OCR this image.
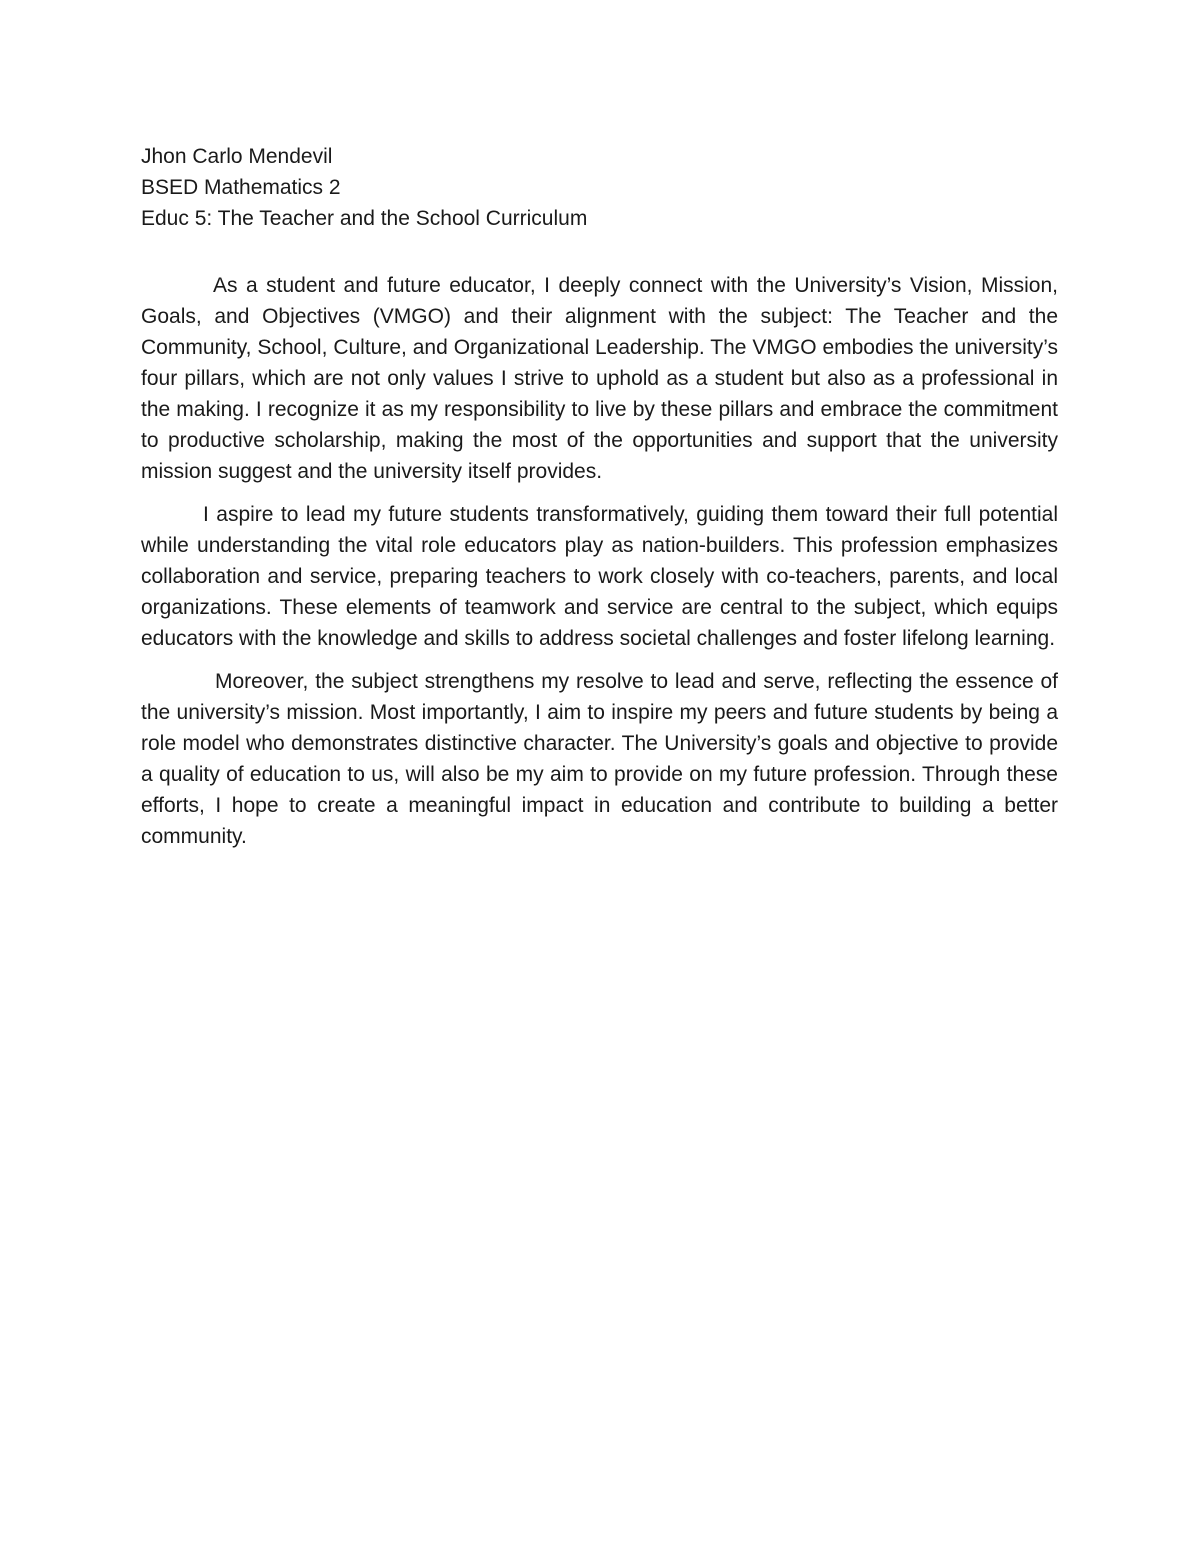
Jhon Carlo Mendevil

BSED Mathematics 2

Educ 5: The Teacher and the School Curriculum

As a student and future educator, I deeply connect with the University’s Vision, Mission, Goals, and Objectives (VMGO) and their alignment with the subject: The Teacher and the Community, School, Culture, and Organizational Leadership. The VMGO embodies the university’s four pillars, which are not only values I strive to uphold as a student but also as a professional in the making. I recognize it as my responsibility to live by these pillars and embrace the commitment to productive scholarship, making the most of the opportunities and support that the university mission suggest and the university itself provides.

I aspire to lead my future students transformatively, guiding them toward their full potential while understanding the vital role educators play as nation-builders. This profession emphasizes collaboration and service, preparing teachers to work closely with co-teachers, parents, and local organizations. These elements of teamwork and service are central to the subject, which equips educators with the knowledge and skills to address societal challenges and foster lifelong learning.

Moreover, the subject strengthens my resolve to lead and serve, reflecting the essence of the university’s mission. Most importantly, I aim to inspire my peers and future students by being a role model who demonstrates distinctive character. The University’s goals and objective to provide a quality of education to us, will also be my aim to provide on my future profession. Through these efforts, I hope to create a meaningful impact in education and contribute to building a better community.
